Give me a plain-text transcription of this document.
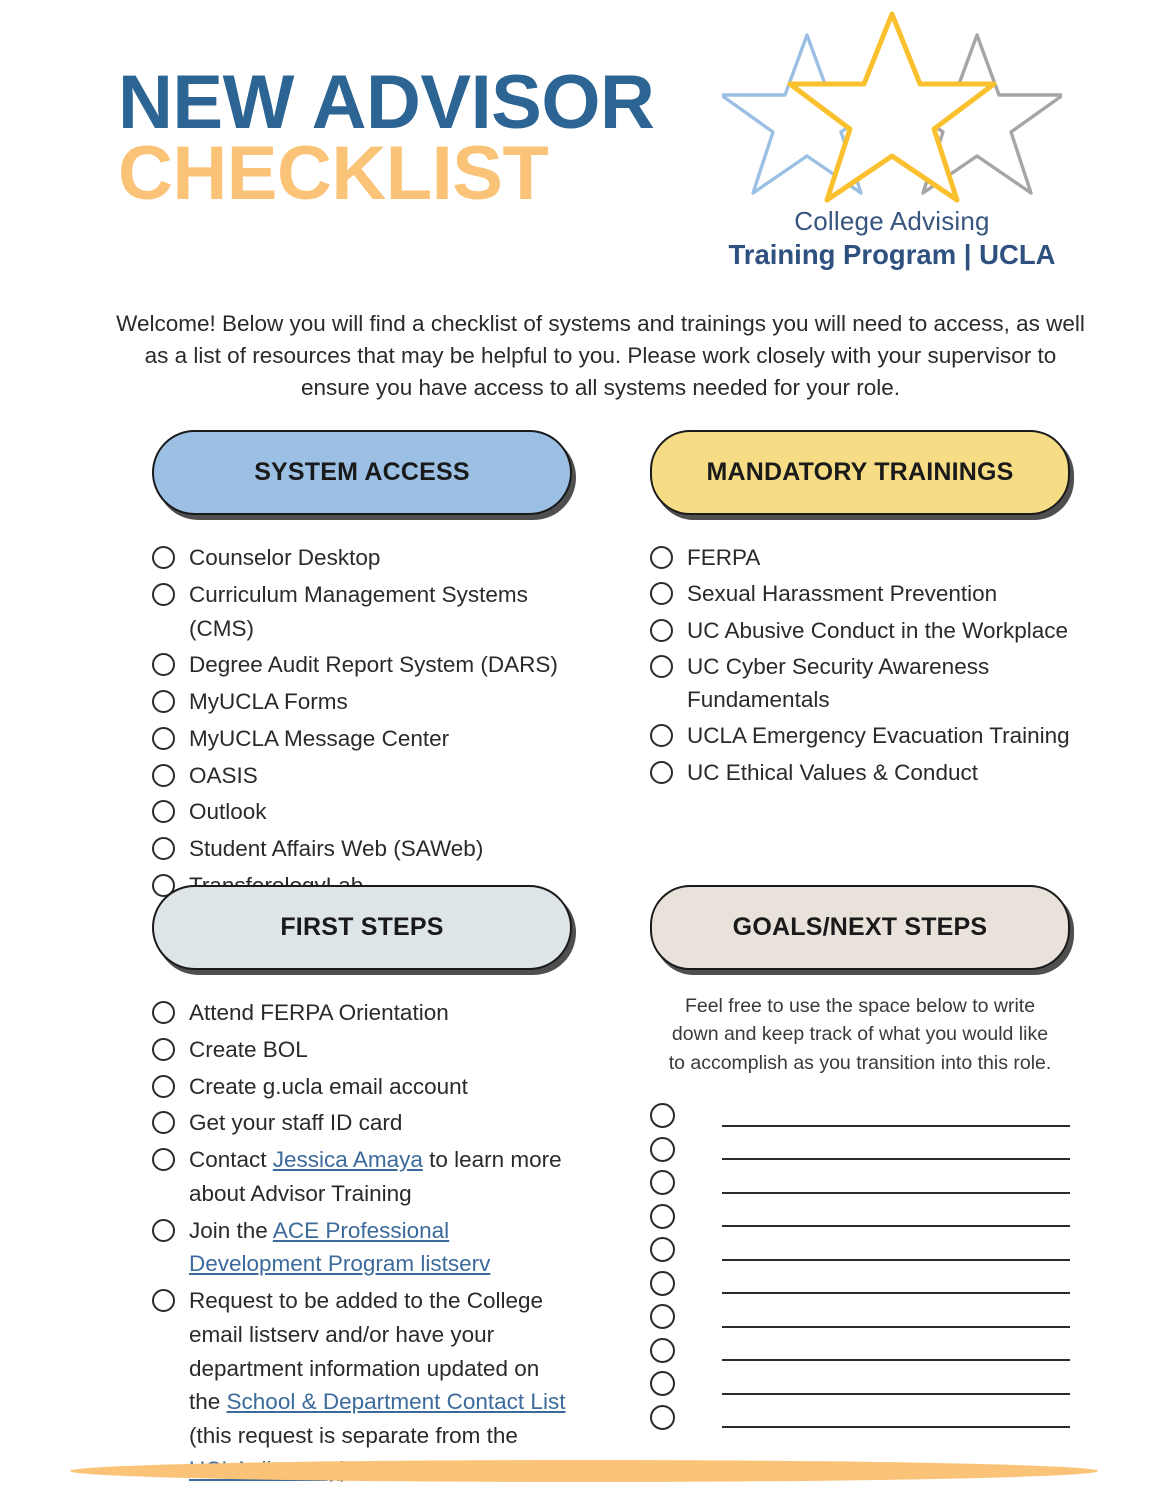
NEW ADVISOR
CHECKLIST
College Advising
Training Program | UCLA

Welcome! Below you will find a checklist of systems and trainings you will need to access, as well as a list of resources that may be helpful to you. Please work closely with your supervisor to ensure you have access to all systems needed for your role.

SYSTEM ACCESS
Counselor Desktop
Curriculum Management Systems (CMS)
Degree Audit Report System (DARS)
MyUCLA Forms
MyUCLA Message Center
OASIS
Outlook
Student Affairs Web (SAWeb)
MANDATORY TRAININGS
FERPA
Sexual Harassment Prevention
UC Abusive Conduct in the Workplace
UC Cyber Security Awareness Fundamentals
UCLA Emergency Evacuation Training
UC Ethical Values & Conduct
FIRST STEPS
Attend FERPA Orientation
Create BOL
Create g.ucla email account
Get your staff ID card
Contact Jessica Amaya to learn more about Advisor Training
Join the ACE Professional Development Program listserv
Request to be added to the College email listserv and/or have your department information updated on the School & Department Contact List (this request is separate from the
GOALS/NEXT STEPS

Feel free to use the space below to write down and keep track of what you would like to accomplish as you transition into this role.
